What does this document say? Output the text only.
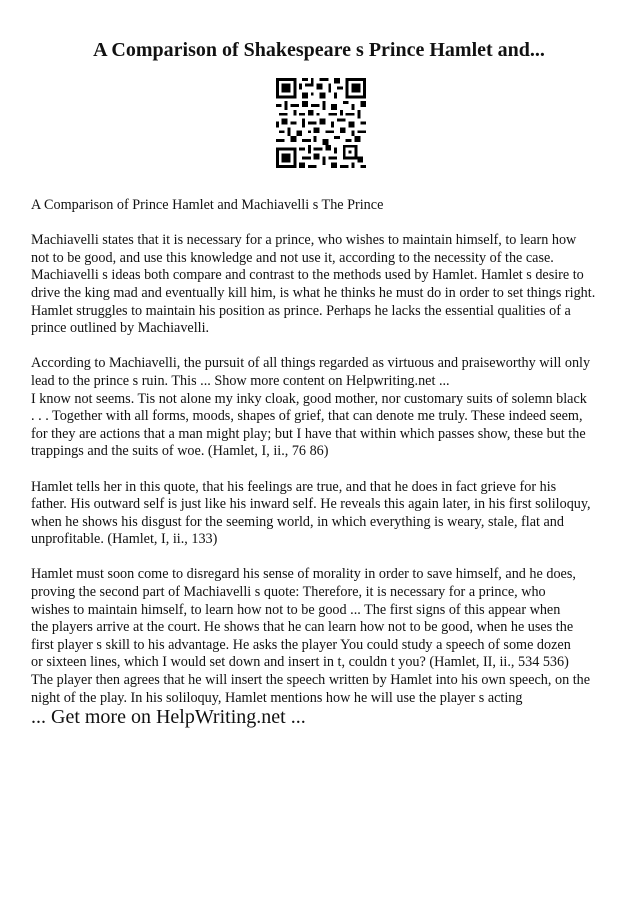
A Comparison of Shakespeare s Prince Hamlet and...

A Comparison of Prince Hamlet and Machiavelli s The Prince

Machiavelli states that it is necessary for a prince, who wishes to maintain himself, to learn how
not to be good, and use this knowledge and not use it, according to the necessity of the case.
Machiavelli s ideas both compare and contrast to the methods used by Hamlet. Hamlet s desire to
drive the king mad and eventually kill him, is what he thinks he must do in order to set things right.
Hamlet struggles to maintain his position as prince. Perhaps he lacks the essential qualities of a
prince outlined by Machiavelli.

According to Machiavelli, the pursuit of all things regarded as virtuous and praiseworthy will only
lead to the prince s ruin. This ... Show more content on Helpwriting.net ...
I know not seems. Tis not alone my inky cloak, good mother, nor customary suits of solemn black
. . . Together with all forms, moods, shapes of grief, that can denote me truly. These indeed seem,
for they are actions that a man might play; but I have that within which passes show, these but the
trappings and the suits of woe. (Hamlet, I, ii., 76 86)

Hamlet tells her in this quote, that his feelings are true, and that he does in fact grieve for his
father. His outward self is just like his inward self. He reveals this again later, in his first soliloquy,
when he shows his disgust for the seeming world, in which everything is weary, stale, flat and
unprofitable. (Hamlet, I, ii., 133)

Hamlet must soon come to disregard his sense of morality in order to save himself, and he does,
proving the second part of Machiavelli s quote: Therefore, it is necessary for a prince, who
wishes to maintain himself, to learn how not to be good ... The first signs of this appear when
the players arrive at the court. He shows that he can learn how not to be good, when he uses the
first player s skill to his advantage. He asks the player You could study a speech of some dozen
or sixteen lines, which I would set down and insert in t, couldn t you? (Hamlet, II, ii., 534 536)
The player then agrees that he will insert the speech written by Hamlet into his own speech, on the
night of the play. In his soliloquy, Hamlet mentions how he will use the player s acting

... Get more on HelpWriting.net ...
